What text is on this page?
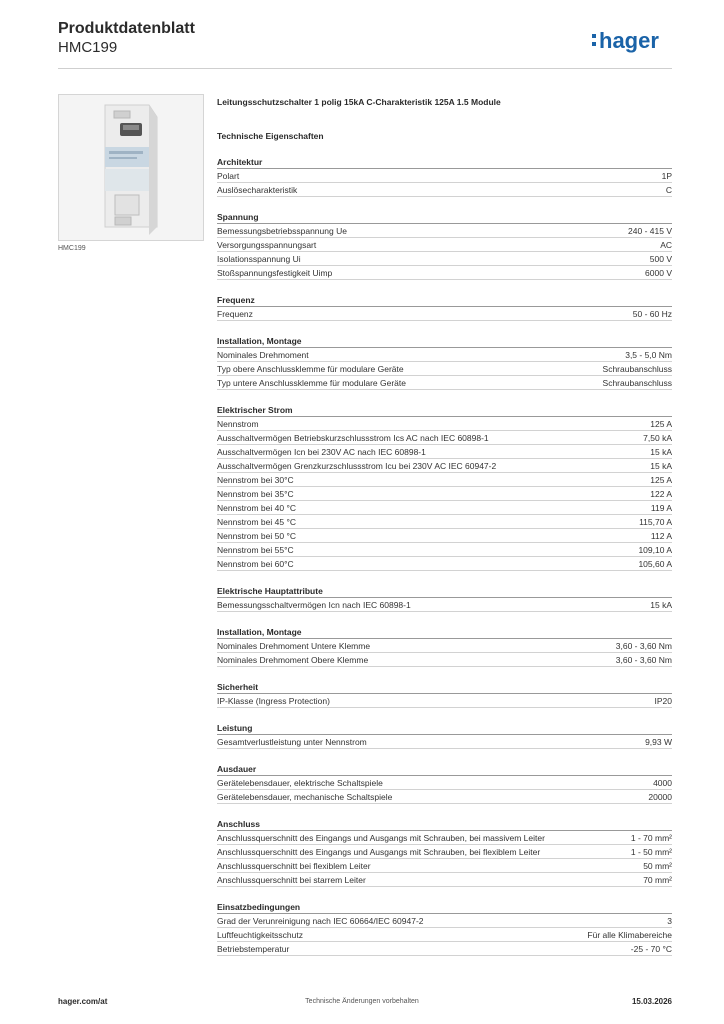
Produktdatenblatt
HMC199	hager
HMC199
Leitungsschutzschalter 1 polig 15kA C-Charakteristik 125A 1.5 Module
Technische Eigenschaften
Architektur
Polart	1P
Auslösecharakteristik	C
Spannung
Bemessungsbetriebsspannung Ue	240 - 415 V
Versorgungsspannungsart	AC
Isolationsspannung Ui	500 V
Stoßspannungsfestigkeit Uimp	6000 V
Frequenz
Frequenz	50 - 60 Hz
Installation, Montage
Nominales Drehmoment	3,5 - 5,0 Nm
Typ obere Anschlussklemme für modulare Geräte	Schraubanschluss
Typ untere Anschlussklemme für modulare Geräte	Schraubanschluss
Elektrischer Strom
Nennstrom	125 A
Ausschaltvermögen Betriebskurzschlussstrom Ics AC nach IEC 60898-1	7,50 kA
Ausschaltvermögen Icn bei 230V AC nach IEC 60898-1	15 kA
Ausschaltvermögen Grenzkurzschlussstrom Icu bei 230V AC IEC 60947-2	15 kA
Nennstrom bei 30°C	125 A
Nennstrom bei 35°C	122 A
Nennstrom bei 40 °C	119 A
Nennstrom bei 45 °C	115,70 A
Nennstrom bei 50 °C	112 A
Nennstrom bei 55°C	109,10 A
Nennstrom bei 60°C	105,60 A
Elektrische Hauptattribute
Bemessungsschaltvermögen Icn nach IEC 60898-1	15 kA
Installation, Montage
Nominales Drehmoment Untere Klemme	3,60 - 3,60 Nm
Nominales Drehmoment Obere Klemme	3,60 - 3,60 Nm
Sicherheit
IP-Klasse (Ingress Protection)	IP20
Leistung
Gesamtverlustleistung unter Nennstrom	9,93 W
Ausdauer
Gerätelebensdauer, elektrische Schaltspiele	4000
Gerätelebensdauer, mechanische Schaltspiele	20000
Anschluss
Anschlussquerschnitt des Eingangs und Ausgangs mit Schrauben, bei massivem Leiter	1 - 70 mm²
Anschlussquerschnitt des Eingangs und Ausgangs mit Schrauben, bei flexiblem Leiter	1 - 50 mm²
Anschlussquerschnitt bei flexiblem Leiter	50 mm²
Anschlussquerschnitt bei starrem Leiter	70 mm²
Einsatzbedingungen
Grad der Verunreinigung nach IEC 60664/IEC 60947-2	3
Luftfeuchtigkeitsschutz	Für alle Klimabereiche
Betriebstemperatur	-25 - 70 °C
hager.com/at	Technische Änderungen vorbehalten	15.03.2026
